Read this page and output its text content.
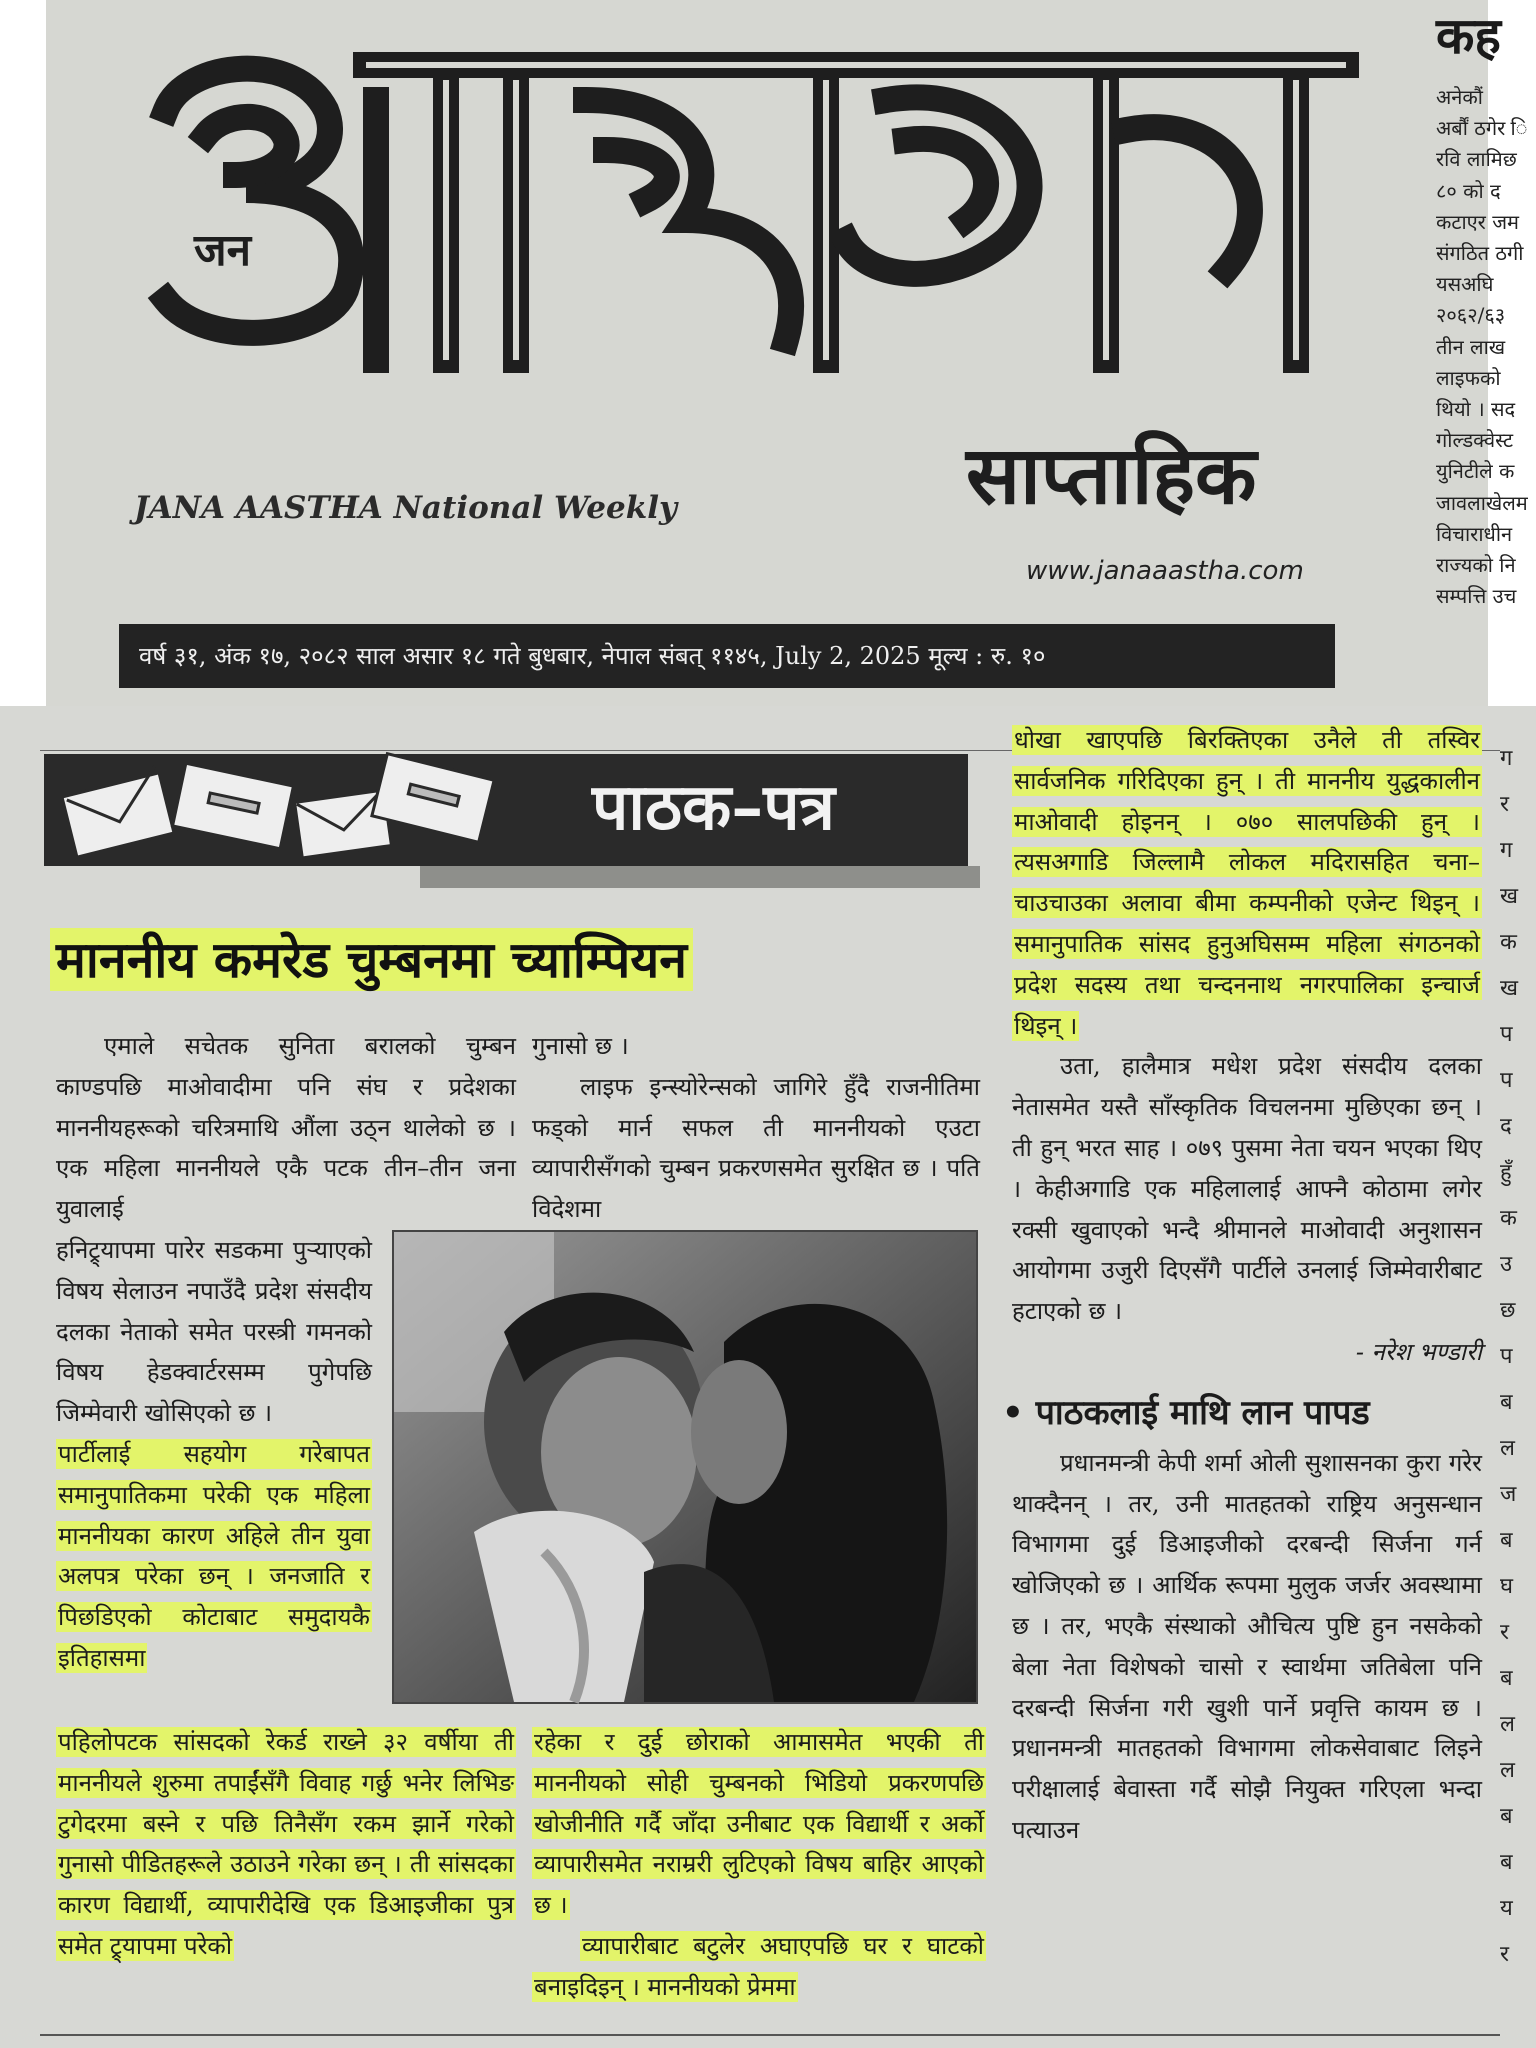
आस्था
जन
JANA AASTHA National Weekly	साप्ताहिक
www.janaaastha.com
वर्ष ३१, अंक १७, २०८२ साल असार १८ गते बुधबार, नेपाल संबत् ११४५, July 2, 2025 मूल्य : रु. १०
कह
अनेकौं
अर्बौं ठगेर ि
रवि लामिछ
८० को द
कटाएर जम
संगठित ठगी
यसअघि
२०६२/६३
तीन लाख
लाइफको
थियो । सद
गोल्डक्वेस्ट
युनिटीले क
जावलाखेलम
विचाराधीन
राज्यको नि
सम्पत्ति उच
पाठक–पत्र
माननीय कमरेड चुम्बनमा च्याम्पियन

एमाले सचेतक सुनिता बरालको चुम्बन काण्डपछि माओवादीमा पनि संघ र प्रदेशका माननीयहरूको चरित्रमाथि औंला उठ्न थालेको छ । एक महिला माननीयले एकै पटक तीन–तीन जना युवालाई

हनिट्र्यापमा पारेर सडकमा पुऱ्याएको विषय सेलाउन नपाउँदै प्रदेश संसदीय दलका नेताको समेत परस्त्री गमनको विषय हेडक्वार्टरसम्म पुगेपछि जिम्मेवारी खोसिएको छ ।

पार्टीलाई सहयोग गरेबापत समानुपातिकमा परेकी एक महिला माननीयका कारण अहिले तीन युवा अलपत्र परेका छन् । जनजाति र पिछडिएको कोटाबाट समुदायकै इतिहासमा

गुनासो छ ।

लाइफ इन्स्योरेन्सको जागिरे हुँदै राजनीतिमा फड्को मार्न सफल ती माननीयको एउटा व्यापारीसँगको चुम्बन प्रकरणसमेत सुरक्षित छ । पति विदेशमा

पहिलोपटक सांसदको रेकर्ड राख्ने ३२ वर्षीया ती माननीयले शुरुमा तपाईंसँगै विवाह गर्छु भनेर लिभिङ टुगेदरमा बस्ने र पछि तिनैसँग रकम झार्ने गरेको गुनासो पीडितहरूले उठाउने गरेका छन् । ती सांसदका कारण विद्यार्थी, व्यापारीदेखि एक डिआइजीका पुत्र समेत ट्र्यापमा परेको

रहेका र दुई छोराको आमासमेत भएकी ती माननीयको सोही चुम्बनको भिडियो प्रकरणपछि खोजीनीति गर्दै जाँदा उनीबाट एक विद्यार्थी र अर्को व्यापारीसमेत नराम्ररी लुटिएको विषय बाहिर आएको छ ।

व्यापारीबाट बटुलेर अघाएपछि घर र घाटको बनाइदिइन् । माननीयको प्रेममा

धोखा खाएपछि बिरक्तिएका उनैले ती तस्विर सार्वजनिक गरिदिएका हुन् । ती माननीय युद्धकालीन माओवादी होइनन् । ०७० सालपछिकी हुन् । त्यसअगाडि जिल्लामै लोकल मदिरासहित चना–चाउचाउका अलावा बीमा कम्पनीको एजेन्ट थिइन् । समानुपातिक सांसद हुनुअघिसम्म महिला संगठनको प्रदेश सदस्य तथा चन्दननाथ नगरपालिका इन्चार्ज थिइन् ।

उता, हालैमात्र मधेश प्रदेश संसदीय दलका नेतासमेत यस्तै साँस्कृतिक विचलनमा मुछिएका छन् । ती हुन् भरत साह । ०७९ पुसमा नेता चयन भएका थिए । केहीअगाडि एक महिलालाई आफ्नै कोठामा लगेर रक्सी खुवाएको भन्दै श्रीमानले माओवादी अनुशासन आयोगमा उजुरी दिएसँगै पार्टीले उनलाई जिम्मेवारीबाट हटाएको छ ।

- नरेश भण्डारी

• पाठकलाई माथि लान पापड

प्रधानमन्त्री केपी शर्मा ओली सुशासनका कुरा गरेर थाक्दैनन् । तर, उनी मातहतको राष्ट्रिय अनुसन्धान विभागमा दुई डिआइजीको दरबन्दी सिर्जना गर्न खोजिएको छ । आर्थिक रूपमा मुलुक जर्जर अवस्थामा छ । तर, भएकै संस्थाको औचित्य पुष्टि हुन नसकेको बेला नेता विशेषको चासो र स्वार्थमा जतिबेला पनि दरबन्दी सिर्जना गरी खुशी पार्ने प्रवृत्ति कायम छ । प्रधानमन्त्री मातहतको विभागमा लोकसेवाबाट लिइने परीक्षालाई बेवास्ता गर्दै सोझै नियुक्त गरिएला भन्दा पत्याउन

ग
र
ग
ख
क
ख
प
प
द
हुँ
क
उ
छ
प
ब
ल
ज
ब
घ
र
ब
ल
ल
ब
ब
य
र
